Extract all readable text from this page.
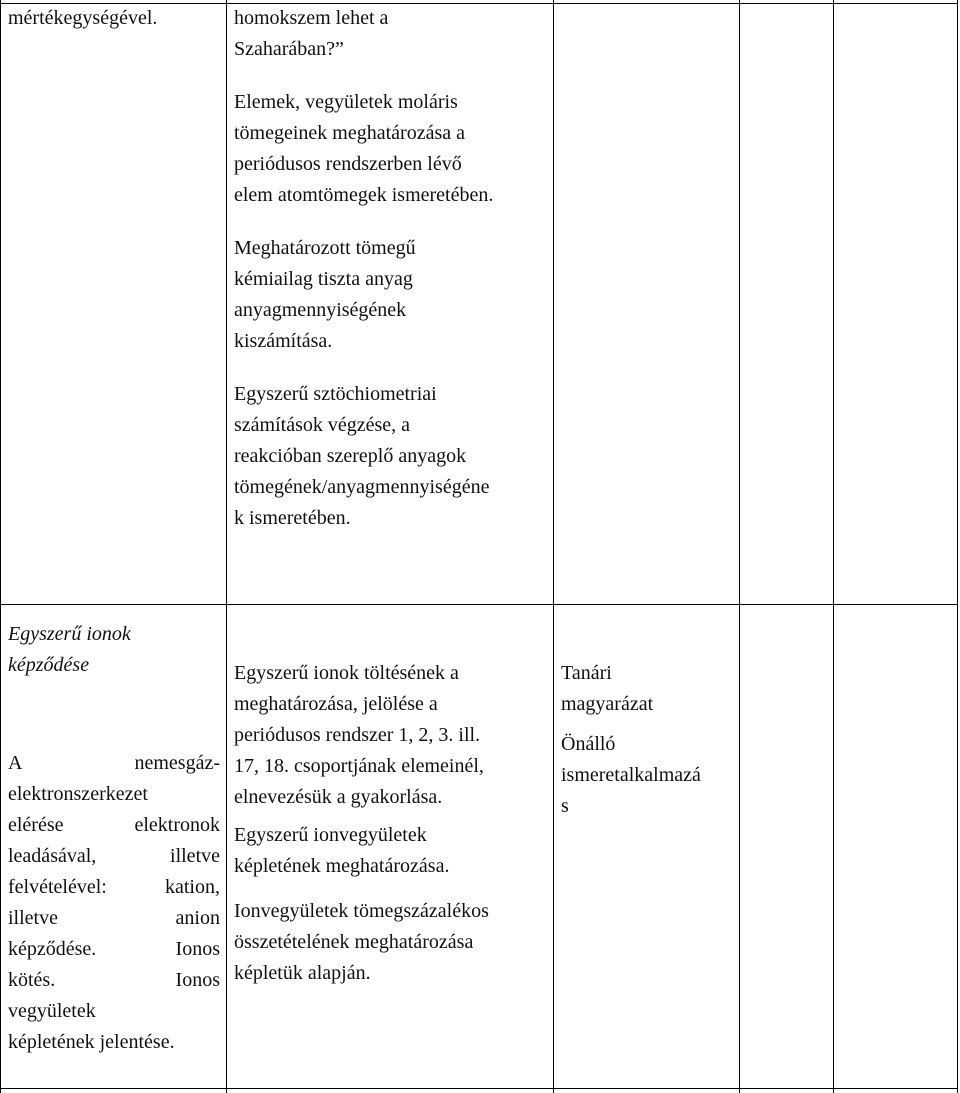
mértékegységével.	homokszem lehet a

Szaharában?”

Elemek, vegyületek moláris

tömegeinek meghatározása a

periódusos rendszerben lévő

elem atomtömegek ismeretében.

Meghatározott tömegű

kémiailag tiszta anyag

anyagmennyiségének

kiszámítása.

Egyszerű sztöchiometriai

számítások végzése, a

reakcióban szereplő anyagok

tömegének/anyagmennyiségéne

k ismeretében.

Egyszerű ionok

képződése

A nemesgáz-

elektronszerkezet

elérése elektronok

leadásával, illetve

felvételével: kation,

illetve anion

képződése. Ionos

kötés. Ionos

vegyületek

képletének jelentése.

Egyszerű ionok töltésének a

meghatározása, jelölése a

periódusos rendszer 1, 2, 3. ill.

17, 18. csoportjának elemeinél,

elnevezésük a gyakorlása.

Egyszerű ionvegyületek

képletének meghatározása.

Ionvegyületek tömegszázalékos

összetételének meghatározása

képletük alapján.

Tanári

magyarázat

Önálló

ismeretalkalmazá

s
